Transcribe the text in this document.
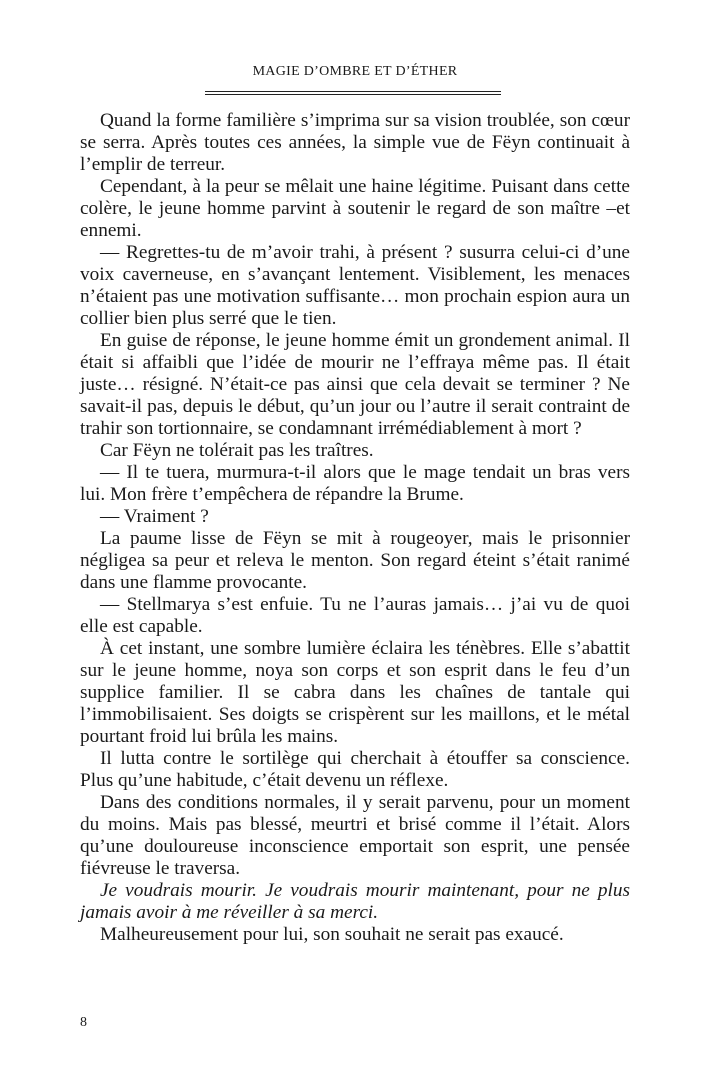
MAGIE D’OMBRE ET D’ÉTHER

Quand la forme familière s’imprima sur sa vision troublée, son cœur se serra. Après toutes ces années, la simple vue de Fëyn continuait à l’emplir de terreur.

Cependant, à la peur se mêlait une haine légitime. Puisant dans cette colère, le jeune homme parvint à soutenir le regard de son maître –et ennemi.

— Regrettes-tu de m’avoir trahi, à présent ? susurra celui-ci d’une voix caverneuse, en s’avançant lentement. Visiblement, les menaces n’étaient pas une motivation suffisante… mon prochain espion aura un collier bien plus serré que le tien.

En guise de réponse, le jeune homme émit un grondement animal. Il était si affaibli que l’idée de mourir ne l’effraya même pas. Il était juste… résigné. N’était-ce pas ainsi que cela devait se terminer ? Ne savait-il pas, depuis le début, qu’un jour ou l’autre il serait contraint de trahir son tortionnaire, se condamnant irrémédiablement à mort ?

Car Fëyn ne tolérait pas les traîtres.

— Il te tuera, murmura-t-il alors que le mage tendait un bras vers lui. Mon frère t’empêchera de répandre la Brume.

— Vraiment ?

La paume lisse de Fëyn se mit à rougeoyer, mais le prisonnier négligea sa peur et releva le menton. Son regard éteint s’était ranimé dans une flamme provocante.

— Stellmarya s’est enfuie. Tu ne l’auras jamais… j’ai vu de quoi elle est capable.

À cet instant, une sombre lumière éclaira les ténèbres. Elle s’abattit sur le jeune homme, noya son corps et son esprit dans le feu d’un supplice familier. Il se cabra dans les chaînes de tantale qui l’immobilisaient. Ses doigts se crispèrent sur les maillons, et le métal pourtant froid lui brûla les mains.

Il lutta contre le sortilège qui cherchait à étouffer sa conscience. Plus qu’une habitude, c’était devenu un réflexe.

Dans des conditions normales, il y serait parvenu, pour un moment du moins. Mais pas blessé, meurtri et brisé comme il l’était. Alors qu’une douloureuse inconscience emportait son esprit, une pensée fiévreuse le traversa.

Je voudrais mourir. Je voudrais mourir maintenant, pour ne plus jamais avoir à me réveiller à sa merci.

Malheureusement pour lui, son souhait ne serait pas exaucé.

8
